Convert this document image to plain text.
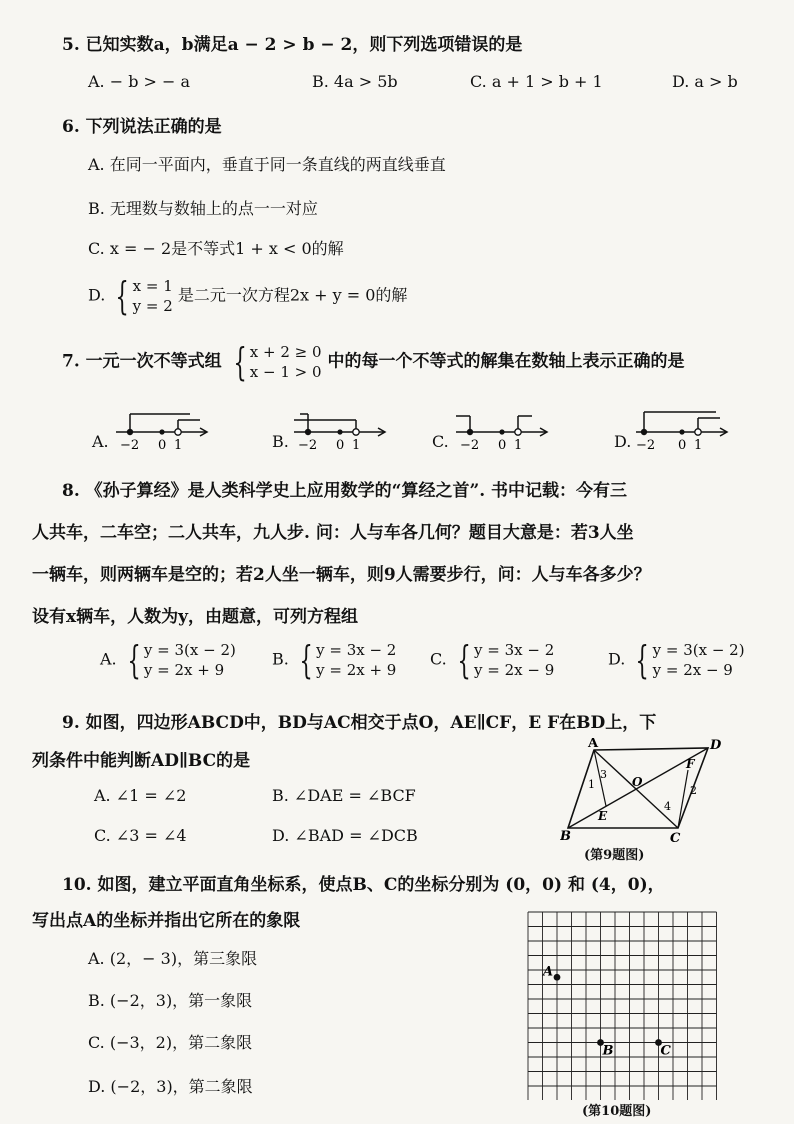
5. 已知实数a，b满足a − 2 > b − 2，则下列选项错误的是
A. − b > − a	B. 4a > 5b	C. a + 1 > b + 1	D. a > b
6. 下列说法正确的是
A. 在同一平面内，垂直于同一条直线的两直线垂直
B. 无理数与数轴上的点一一对应
C. x = − 2是不等式1 + x < 0的解
D. { x = 1
y = 2
是二元一次方程2x + y = 0的解
7. 一元一次不等式组 { x + 2 ≥ 0
x − 1 > 0
中的每一个不等式的解集在数轴上表示正确的是
A. −2 0 1	B. −2 0 1	C. −2 0 1	D. −2 0 1
8. 《孙子算经》是人类科学史上应用数学的“算经之首”. 书中记载：今有三
人共车，二车空；二人共车，九人步. 问：人与车各几何？题目大意是：若3人坐
一辆车，则两辆车是空的；若2人坐一辆车，则9人需要步行，问：人与车各多少？
设有x辆车，人数为y，由题意，可列方程组
A. { y = 3(x − 2)
y = 2x + 9
B. { y = 3x − 2
y = 2x + 9
C. { y = 3x − 2
y = 2x − 9
D. { y = 3(x − 2)
y = 2x − 9
9. 如图，四边形ABCD中，BD与AC相交于点O，AE∥CF，E F在BD上，下
列条件中能判断AD∥BC的是
A. ∠1 = ∠2	B. ∠DAE = ∠BCF
C. ∠3 = ∠4	D. ∠BAD = ∠DCB
A	D
O
F
E
B	C
1	2
3
4
(第9题图)
10. 如图，建立平面直角坐标系，使点B、C的坐标分别为 (0，0) 和 (4，0)，
写出点A的坐标并指出它所在的象限
A. (2，− 3)，第三象限
B. (−2，3)，第一象限
C. (−3，2)，第二象限
D. (−2，3)，第二象限
A
B	C
(第10题图)
